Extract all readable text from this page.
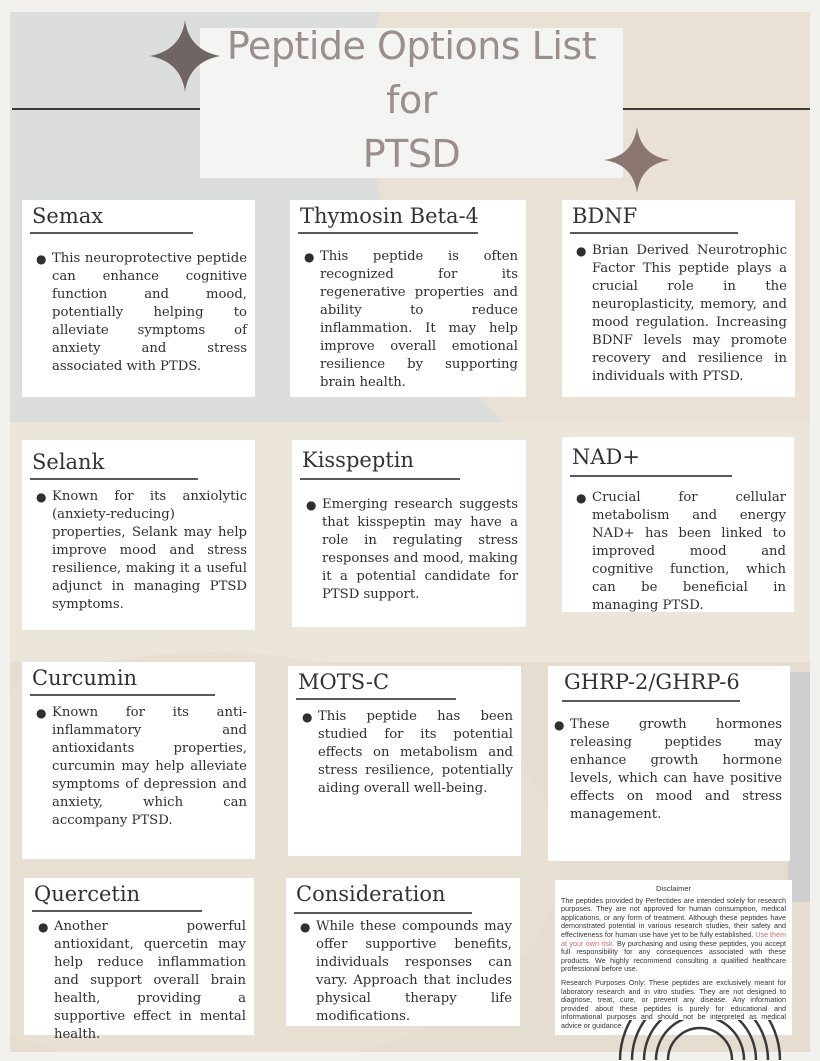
Peptide Options List
for
PTSD
Semax
● This neuroprotective peptide can enhance cognitive function and mood, potentially helping to alleviate symptoms of anxiety and stress associated with PTDS.
Thymosin Beta-4
● This peptide is often recognized for its regenerative properties and ability to reduce inflammation. It may help improve overall emotional resilience by supporting brain health.
BDNF
● Brian Derived Neurotrophic Factor This peptide plays a crucial role in the neuroplasticity, memory, and mood regulation. Increasing BDNF levels may promote recovery and resilience in individuals with PTSD.
Selank
● Known for its anxiolytic (anxiety-reducing) properties, Selank may help improve mood and stress resilience, making it a useful adjunct in managing PTSD symptoms.
Kisspeptin
● Emerging research suggests that kisspeptin may have a role in regulating stress responses and mood, making it a potential candidate for PTSD support.
NAD+
● Crucial for cellular metabolism and energy NAD+ has been linked to improved mood and cognitive function, which can be beneficial in managing PTSD.
Curcumin
● Known for its anti-inflammatory and antioxidants properties, curcumin may help alleviate symptoms of depression and anxiety, which can accompany PTSD.
MOTS-C
● This peptide has been studied for its potential effects on metabolism and stress resilience, potentially aiding overall well-being.
GHRP-2/GHRP-6
● These growth hormones releasing peptides may enhance growth hormone levels, which can have positive effects on mood and stress management.
Quercetin
● Another powerful antioxidant, quercetin may help reduce inflammation and support overall brain health, providing a supportive effect in mental health.
Consideration
● While these compounds may offer supportive benefits, individuals responses can vary. Approach that includes physical therapy life modifications.
Disclaimer

The peptides provided by Perfectides are intended solely for research purposes. They are not approved for human consumption, medical applications, or any form of treatment. Although these peptides have demonstrated potential in various research studies, their safety and effectiveness for human use have yet to be fully established. Use them at your own risk. By purchasing and using these peptides, you accept full responsibility for any consequences associated with these products. We highly recommend consulting a qualified healthcare professional before use.

Research Purposes Only: These peptides are exclusively meant for laboratory research and in vitro studies. They are not designed to diagnose, treat, cure, or prevent any disease. Any information provided about these peptides is purely for educational and informational purposes and should not be interpreted as medical advice or guidance.
